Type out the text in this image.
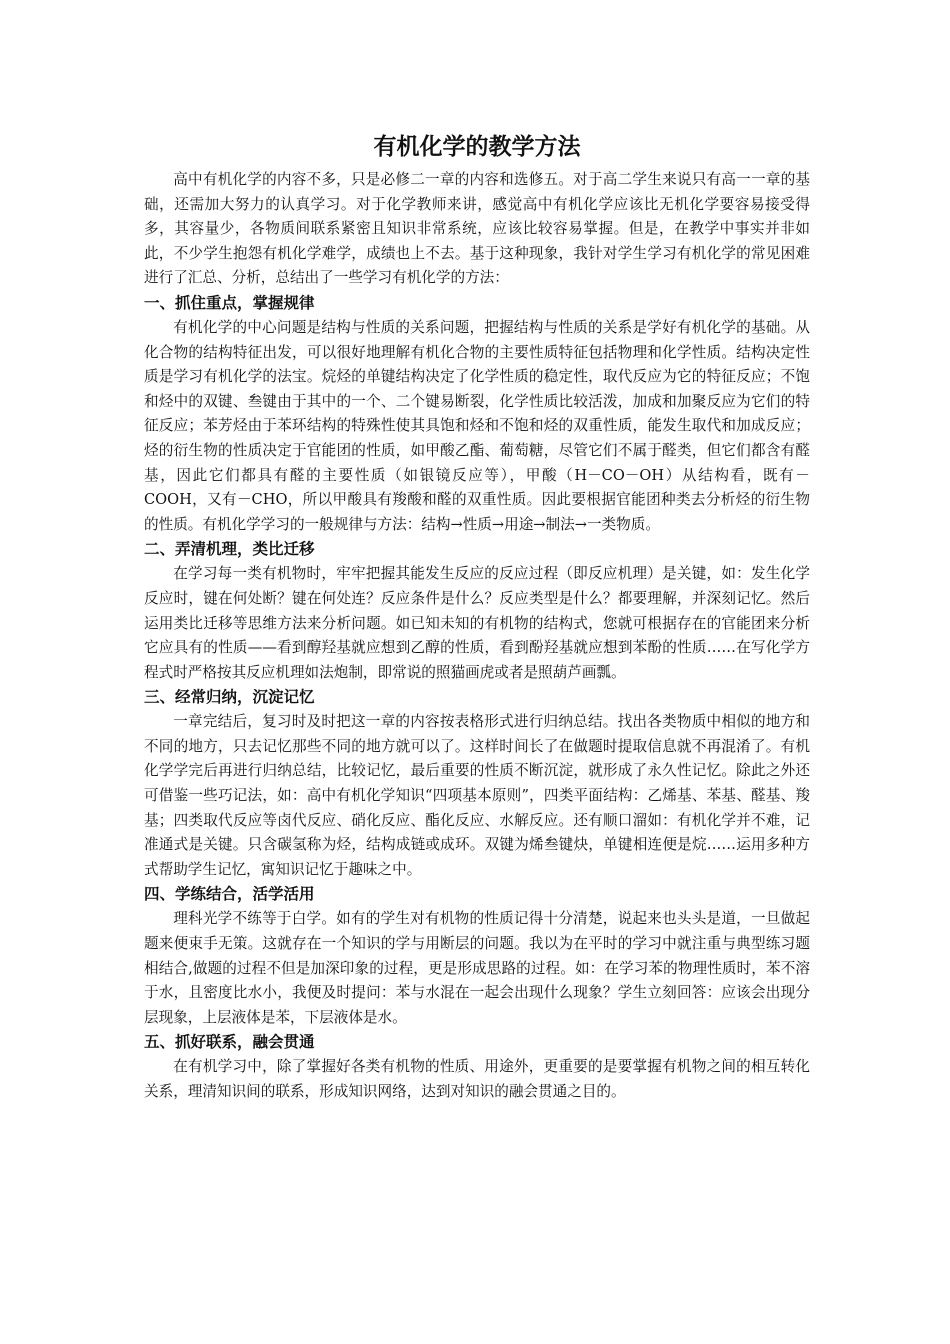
有机化学的教学方法

高中有机化学的内容不多，只是必修二一章的内容和选修五。对于高二学生来说只有高一一章的基础，还需加大努力的认真学习。对于化学教师来讲，感觉高中有机化学应该比无机化学要容易接受得多，其容量少，各物质间联系紧密且知识非常系统，应该比较容易掌握。但是，在教学中事实并非如此，不少学生抱怨有机化学难学，成绩也上不去。基于这种现象，我针对学生学习有机化学的常见困难进行了汇总、分析，总结出了一些学习有机化学的方法：

一、抓住重点，掌握规律

有机化学的中心问题是结构与性质的关系问题，把握结构与性质的关系是学好有机化学的基础。从化合物的结构特征出发，可以很好地理解有机化合物的主要性质特征包括物理和化学性质。结构决定性质是学习有机化学的法宝。烷烃的单键结构决定了化学性质的稳定性，取代反应为它的特征反应；不饱和烃中的双键、叁键由于其中的一个、二个键易断裂，化学性质比较活泼，加成和加聚反应为它们的特征反应；苯芳烃由于苯环结构的特殊性使其具饱和烃和不饱和烃的双重性质，能发生取代和加成反应；烃的衍生物的性质决定于官能团的性质，如甲酸乙酯、葡萄糖，尽管它们不属于醛类，但它们都含有醛基，因此它们都具有醛的主要性质（如银镜反应等），甲酸（H－CO－OH）从结构看，既有－COOH，又有－CHO，所以甲酸具有羧酸和醛的双重性质。因此要根据官能团种类去分析烃的衍生物的性质。有机化学学习的一般规律与方法：结构→性质→用途→制法→一类物质。

二、弄清机理，类比迁移

在学习每一类有机物时，牢牢把握其能发生反应的反应过程（即反应机理）是关键，如：发生化学反应时，键在何处断？键在何处连？反应条件是什么？反应类型是什么？都要理解，并深刻记忆。然后运用类比迁移等思维方法来分析问题。如已知未知的有机物的结构式，您就可根据存在的官能团来分析它应具有的性质——看到醇羟基就应想到乙醇的性质，看到酚羟基就应想到苯酚的性质……在写化学方程式时严格按其反应机理如法炮制，即常说的照猫画虎或者是照葫芦画瓢。

三、经常归纳，沉淀记忆

一章完结后，复习时及时把这一章的内容按表格形式进行归纳总结。找出各类物质中相似的地方和不同的地方，只去记忆那些不同的地方就可以了。这样时间长了在做题时提取信息就不再混淆了。有机化学学完后再进行归纳总结，比较记忆，最后重要的性质不断沉淀，就形成了永久性记忆。除此之外还可借鉴一些巧记法，如：高中有机化学知识“四项基本原则”，四类平面结构：乙烯基、苯基、醛基、羧基；四类取代反应等卤代反应、硝化反应、酯化反应、水解反应。还有顺口溜如：有机化学并不难，记准通式是关键。只含碳氢称为烃，结构成链或成环。双键为烯叁键炔，单键相连便是烷……运用多种方式帮助学生记忆，寓知识记忆于趣味之中。

四、学练结合，活学活用

理科光学不练等于白学。如有的学生对有机物的性质记得十分清楚，说起来也头头是道，一旦做起题来便束手无策。这就存在一个知识的学与用断层的问题。我以为在平时的学习中就注重与典型练习题相结合,做题的过程不但是加深印象的过程，更是形成思路的过程。如：在学习苯的物理性质时，苯不溶于水，且密度比水小，我便及时提问：苯与水混在一起会出现什么现象？学生立刻回答：应该会出现分层现象，上层液体是苯，下层液体是水。

五、抓好联系，融会贯通

在有机学习中，除了掌握好各类有机物的性质、用途外，更重要的是要掌握有机物之间的相互转化关系，理清知识间的联系，形成知识网络，达到对知识的融会贯通之目的。
